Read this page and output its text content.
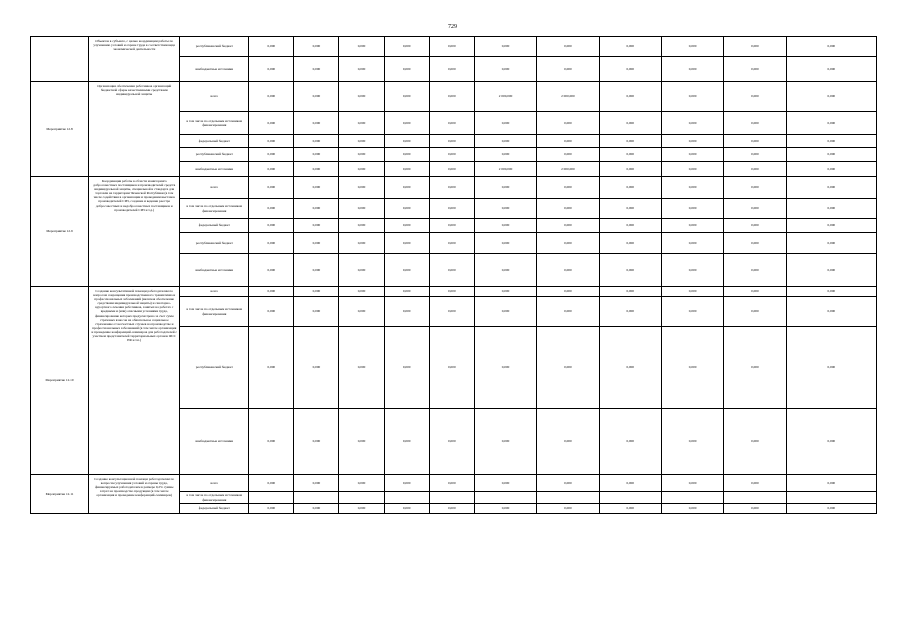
729
	Объектов в субъекте, с целью координации работы по улучшению условий и охране труда в соответствии вида экономической деятельности	республиканский бюджет	0,000	0,000	0,000	0,000	0,000	0,000	0,000	0,000	0,000	0,000	0,000
		внебюджетные источники	0,000	0,000	0,000	0,000	0,000	0,000	0,000	0,000	0,000	0,000	0,000
Мероприятие 12.8	Организация обеспечения работников организаций бюджетной сферы качественными средствами индивидуальной защиты	всего	0,000	0,000	0,000	0,000	0,000	2 000,000	2 000,000	0,000	0,000	0,000	0,000
		в том числе по отдельным источникам финансирования	0,000	0,000	0,000	0,000	0,000	0,000	0,000	0,000	0,000	0,000	0,000
		федеральный бюджет	0,000	0,000	0,000	0,000	0,000	0,000	0,000	0,000	0,000	0,000	0,000
		республиканский бюджет	0,000	0,000	0,000	0,000	0,000	0,000	0,000	0,000	0,000	0,000	0,000
		внебюджетные источники	0,000	0,000	0,000	0,000	0,000	2 000,000	2 000,000	0,000	0,000	0,000	0,000
Мероприятие 12.9	Координация работы в области мониторинга добросовестных поставщиков и производителей средств индивидуальной защиты, специальной и стандарта для торговли на территории Чеченской Республики (в том числе содействия в организации и проведении выставок производителей СИЗ, создание и ведение реестра добросовестных и недобросовестных поставщиков и производителей СИЗ и т.д.)	всего	0,000	0,000	0,000	0,000	0,000	0,000	0,000	0,000	0,000	0,000	0,000
		в том числе по отдельным источникам финансирования	0,000	0,000	0,000	0,000	0,000	0,000	0,000	0,000	0,000	0,000	0,000
		федеральный бюджет	0,000	0,000	0,000	0,000	0,000	0,000	0,000	0,000	0,000	0,000	0,000
		республиканский бюджет	0,000	0,000	0,000	0,000	0,000	0,000	0,000	0,000	0,000	0,000	0,000
		внебюджетные источники	0,000	0,000	0,000	0,000	0,000	0,000	0,000	0,000	0,000	0,000	0,000
Мероприятие 12.10	Создание консультативной помощи работодателям по вопросам сокращения производственного травматизма и профессиональных заболеваний (включая обеспечение средствами индивидуальной защиты) и санаторно-курортного лечения работников, занятых на работах с вредными и (или) опасными условиями труда, финансирование которых предусмотрено за счет сумм страховых взносов на обязательное социальное страхование от несчастных случаев на производстве и профессиональных заболеваний (в том числе организация и проведение конференций-семинаров для работодателей с участием представителей территориальных органов ФСС РФ и т.п.)	всего	0,000	0,000	0,000	0,000	0,000	0,000	0,000	0,000	0,000	0,000	0,000
		в том числе по отдельным источникам финансирования	0,000	0,000	0,000	0,000	0,000	0,000	0,000	0,000	0,000	0,000	0,000
		республиканский бюджет	0,000	0,000	0,000	0,000	0,000	0,000	0,000	0,000	0,000	0,000	0,000
		внебюджетные источники	0,000	0,000	0,000	0,000	0,000	0,000	0,000	0,000	0,000	0,000	0,000
Мероприятие 12.11	Создание консультационной помощи работодателям по вопросам улучшения условий и охраны труда, финансируемых работодателем в размере 0,2% суммы затрат на производство продукции (в том числе организация и проведение конференций-семинаров)	всего	0,000	0,000	0,000	0,000	0,000	0,000	0,000	0,000	0,000	0,000	0,000
		в том числе по отдельным источникам финансирования											
		федеральный бюджет	0,000	0,000	0,000	0,000	0,000	0,000	0,000	0,000	0,000	0,000	0,000
